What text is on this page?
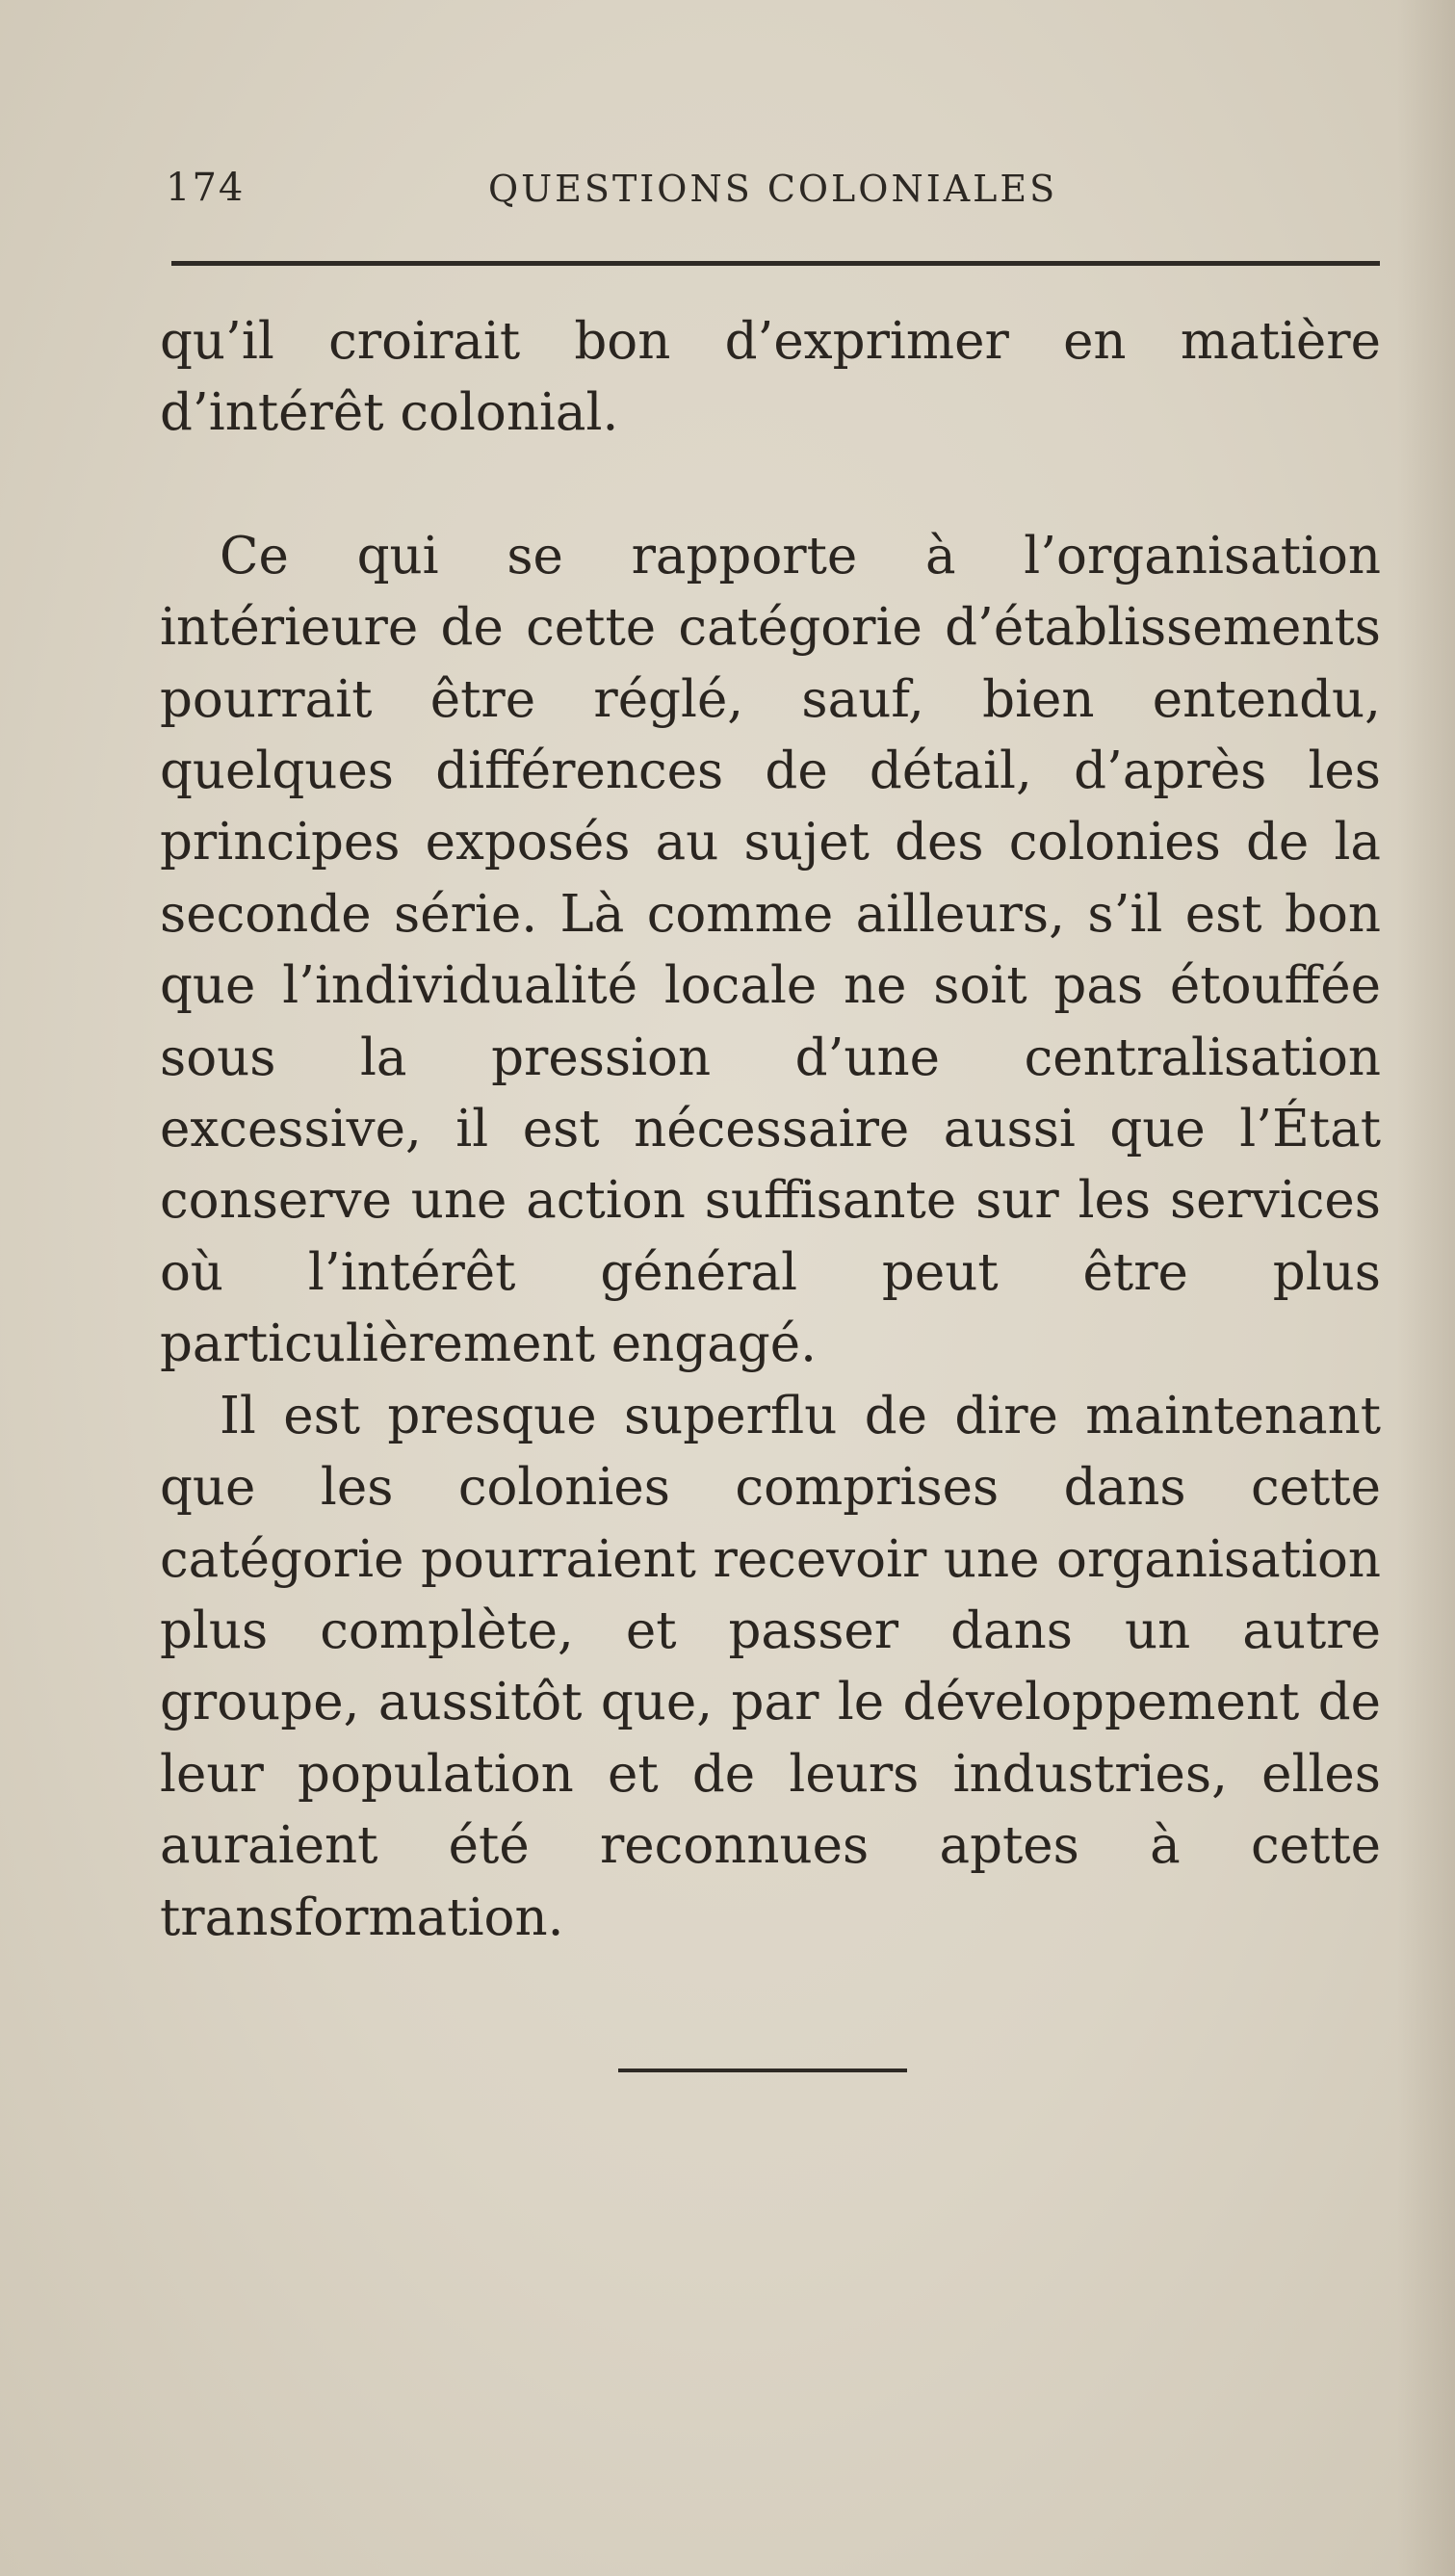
174	QUESTIONS COLONIALES

qu’il croirait bon d’exprimer en matière d’intérêt colonial.

Ce qui se rapporte à l’organisation intérieure de cette catégorie d’établissements pourrait être réglé, sauf, bien entendu, quelques différences de détail, d’après les principes exposés au sujet des colonies de la seconde série. Là comme ailleurs, s’il est bon que l’individualité locale ne soit pas étouffée sous la pression d’une centralisation excessive, il est nécessaire aussi que l’État conserve une action suffisante sur les services où l’intérêt général peut être plus particulièrement engagé.

Il est presque superflu de dire maintenant que les colonies comprises dans cette catégorie pourraient recevoir une organisation plus complète, et passer dans un autre groupe, aussitôt que, par le développement de leur population et de leurs industries, elles auraient été reconnues aptes à cette transformation.
